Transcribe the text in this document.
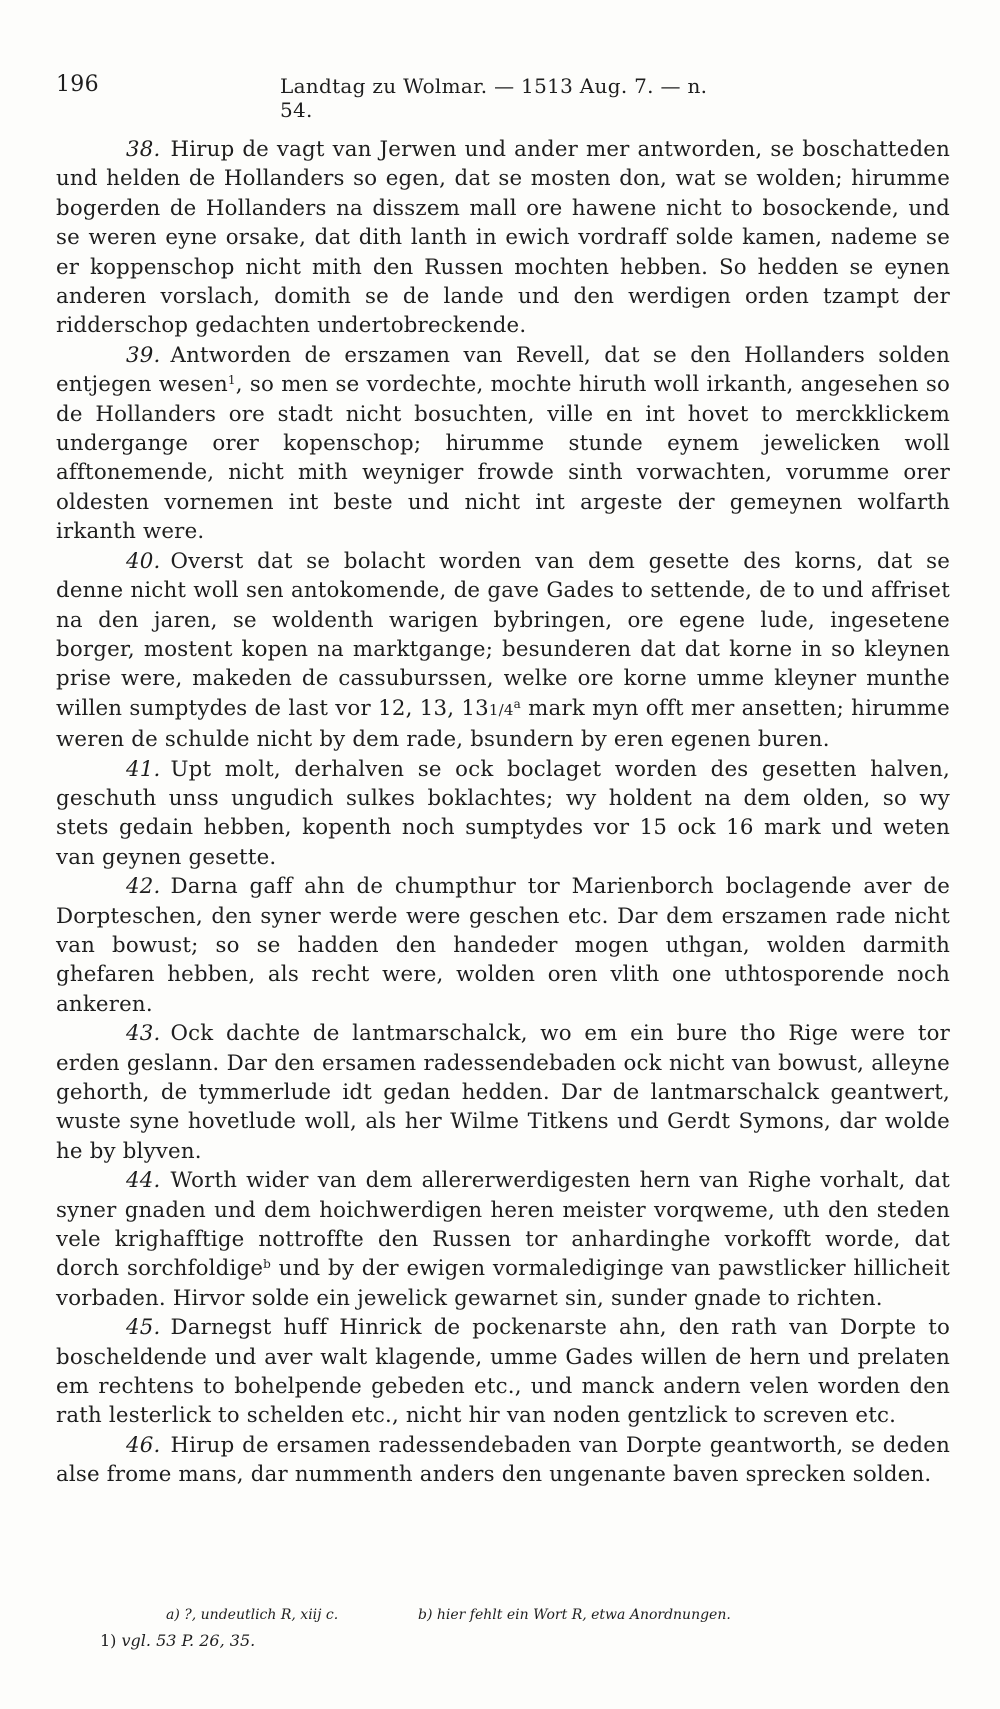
196	Landtag zu Wolmar. — 1513 Aug. 7. — n. 54.

38. Hirup de vagt van Jerwen und ander mer antworden, se boschatteden und helden de Hollanders so egen, dat se mosten don, wat se wolden; hirumme bogerden de Hollanders na disszem mall ore hawene nicht to bosockende, und se weren eyne orsake, dat dith lanth in ewich vordraff solde kamen, nademe se er koppenschop nicht mith den Russen mochten hebben. So hedden se eynen anderen vorslach, domith se de lande und den werdigen orden tzampt der ridderschop gedachten undertobreckende.

39. Antworden de erszamen van Revell, dat se den Hollanders solden entjegen wesen$^1$, so men se vordechte, mochte hiruth woll irkanth, angesehen so de Hollanders ore stadt nicht bosuchten, ville en int hovet to merckklickem undergange orer kopenschop; hirumme stunde eynem jewelicken woll afftonemende, nicht mith weyniger frowde sinth vorwachten, vorumme orer oldesten vornemen int beste und nicht int argeste der gemeynen wolfarth irkanth were.

40. Overst dat se bolacht worden van dem gesette des korns, dat se denne nicht woll sen antokomende, de gave Gades to settende, de to und affriset na den jaren, se woldenth warigen bybringen, ore egene lude, ingesetene borger, mostent kopen na marktgange; besunderen dat dat korne in so kleynen prise were, makeden de cassuburssen, welke ore korne umme kleyner munthe willen sumptydes de last vor 12, 13, 131/4$^a$ mark myn offt mer ansetten; hirumme weren de schulde nicht by dem rade, bsundern by eren egenen buren.

41. Upt molt, derhalven se ock boclaget worden des gesetten halven, geschuth unss ungudich sulkes boklachtes; wy holdent na dem olden, so wy stets gedain hebben, kopenth noch sumptydes vor 15 ock 16 mark und weten van geynen gesette.

42. Darna gaff ahn de chumpthur tor Marienborch boclagende aver de Dorpteschen, den syner werde were geschen etc. Dar dem erszamen rade nicht van bowust; so se hadden den handeder mogen uthgan, wolden darmith ghefaren hebben, als recht were, wolden oren vlith one uthtosporende noch ankeren.

43. Ock dachte de lantmarschalck, wo em ein bure tho Rige were tor erden geslann. Dar den ersamen radessendebaden ock nicht van bowust, alleyne gehorth, de tymmerlude idt gedan hedden. Dar de lantmarschalck geantwert, wuste syne hovetlude woll, als her Wilme Titkens und Gerdt Symons, dar wolde he by blyven.

44. Worth wider van dem allererwerdigesten hern van Righe vorhalt, dat syner gnaden und dem hoichwerdigen heren meister vorqweme, uth den steden vele krighafftige nottroffte den Russen tor anhardinghe vorkofft worde, dat dorch sorchfoldige$^b$ und by der ewigen vormalediginge van pawstlicker hillicheit vorbaden. Hirvor solde ein jewelick gewarnet sin, sunder gnade to richten.

45. Darnegst huff Hinrick de pockenarste ahn, den rath van Dorpte to boscheldende und aver walt klagende, umme Gades willen de hern und prelaten em rechtens to bohelpende gebeden etc., und manck andern velen worden den rath lesterlick to schelden etc., nicht hir van noden gentzlick to screven etc.

46. Hirup de ersamen radessendebaden van Dorpte geantworth, se deden alse frome mans, dar nummenth anders den ungenante baven sprecken solden.

a) ?, undeutlich R, xiij c.	b) hier fehlt ein Wort R, etwa Anordnungen.
1) vgl. 53 P. 26, 35.
